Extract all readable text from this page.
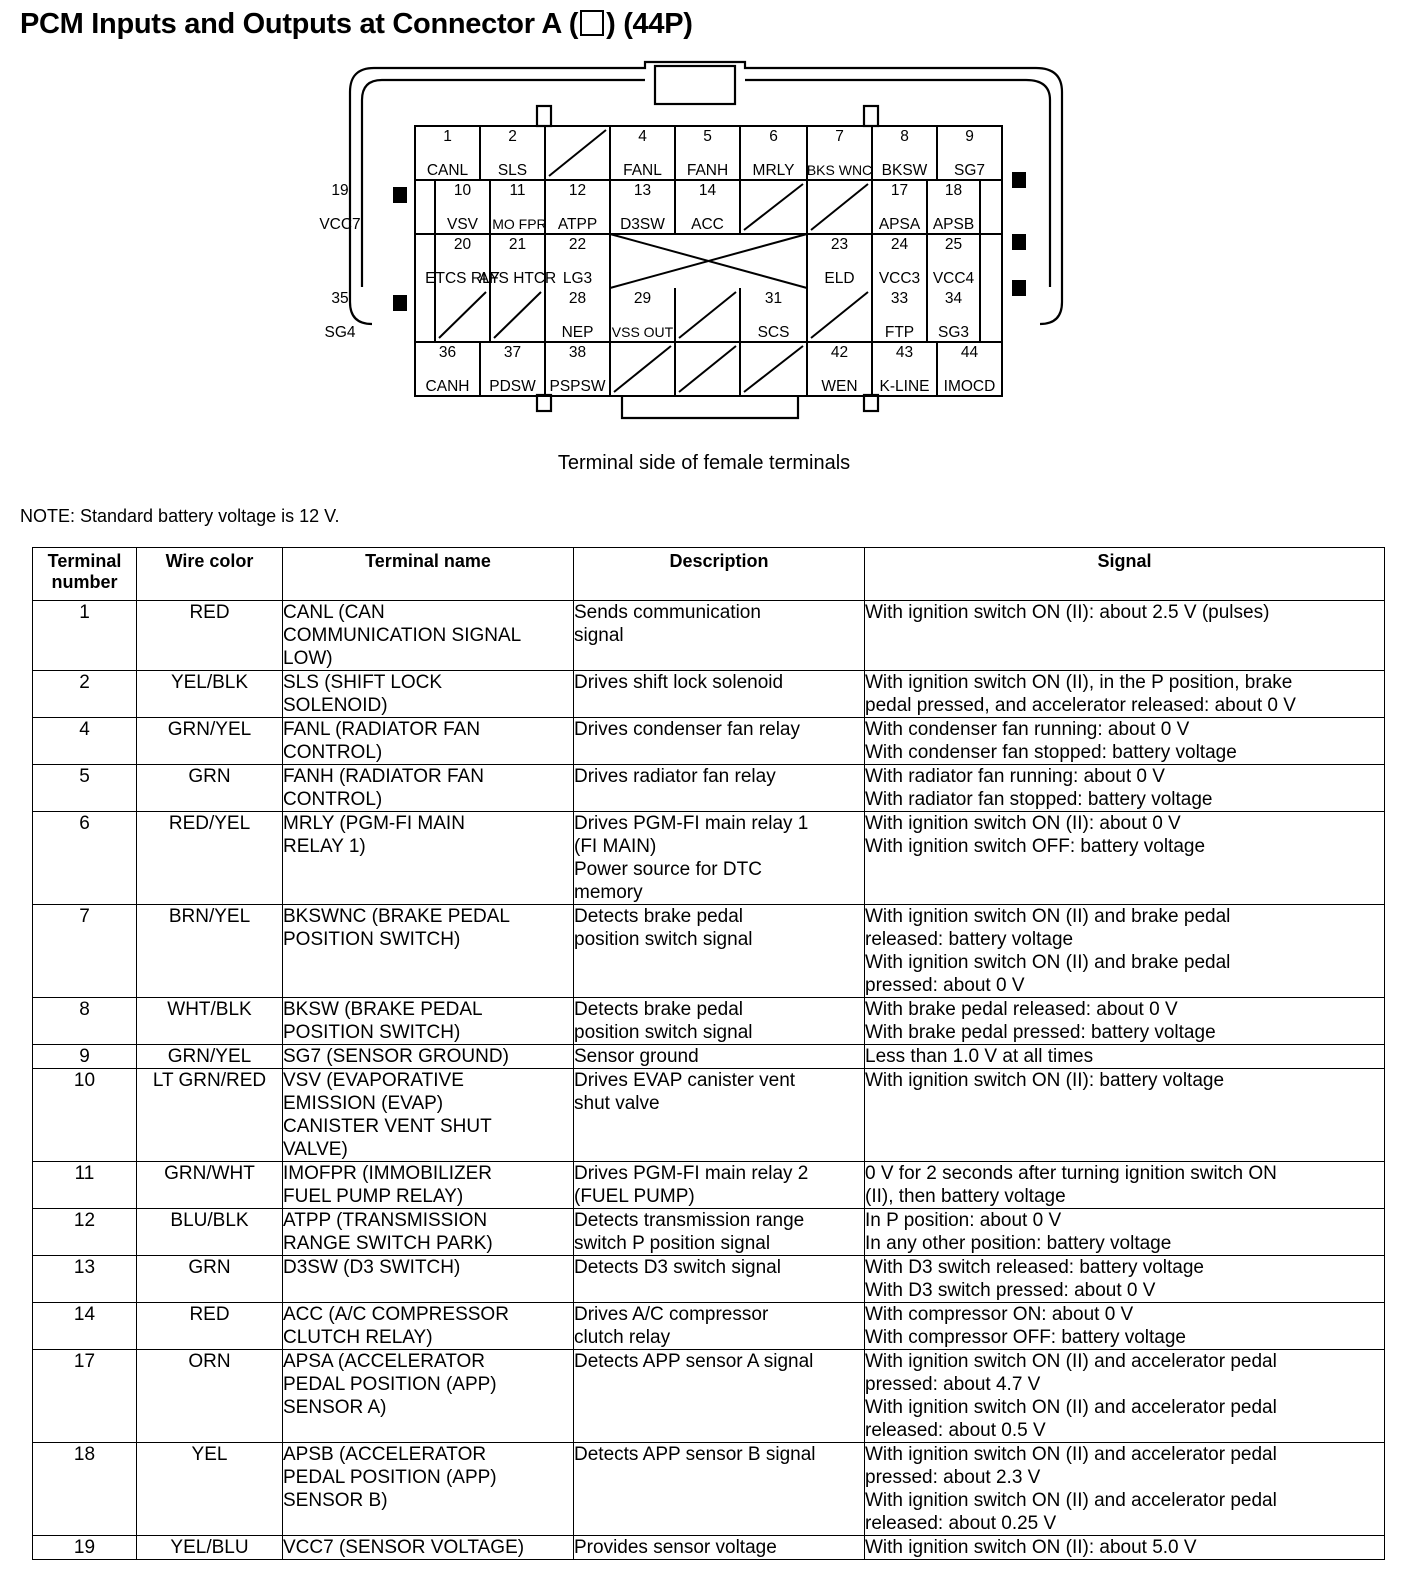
PCM Inputs and Outputs at Connector A ( ) (44P)
1
CANL
2
SLS
4
FANL
5
FANH
6
MRLY
7
BKS WNC
8
BKSW
9
SG7
10
VSV
11
IMO FPR
12
ATPP
13
D3SW
14
ACC
17
APSA
18
APSB
19
VCC7
28
NEP
29
VSS OUT
31
SCS
33
FTP
34
SG3
35
SG4
36
CANH
37
PDSW
38
PSPSW
42
WEN
43
K-LINE
44
IMOCD
20
ETCS RLY
21
AFS HTCR
22
LG3
23
ELD
24
VCC3
25
VCC4
Terminal side of female terminals
NOTE: Standard battery voltage is 12 V.
Terminal
number	Wire color	Terminal name	Description	Signal
1	RED	CANL (CAN
COMMUNICATION SIGNAL
LOW)	Sends communication
signal	With ignition switch ON (II): about 2.5 V (pulses)

2	YEL/BLK	SLS (SHIFT LOCK
SOLENOID)	Drives shift lock solenoid	With ignition switch ON (II), in the P position, brake
pedal pressed, and accelerator released: about 0 V

4	GRN/YEL	FANL (RADIATOR FAN
CONTROL)	Drives condenser fan relay	With condenser fan running: about 0 V
With condenser fan stopped: battery voltage

5	GRN	FANH (RADIATOR FAN
CONTROL)	Drives radiator fan relay	With radiator fan running: about 0 V
With radiator fan stopped: battery voltage

6	RED/YEL	MRLY (PGM-FI MAIN
RELAY 1)	Drives PGM-FI main relay 1
(FI MAIN)
Power source for DTC
memory	With ignition switch ON (II): about 0 V
With ignition switch OFF: battery voltage

7	BRN/YEL	BKSWNC (BRAKE PEDAL
POSITION SWITCH)	Detects brake pedal
position switch signal	With ignition switch ON (II) and brake pedal
released: battery voltage
With ignition switch ON (II) and brake pedal
pressed: about 0 V

8	WHT/BLK	BKSW (BRAKE PEDAL
POSITION SWITCH)	Detects brake pedal
position switch signal	With brake pedal released: about 0 V
With brake pedal pressed: battery voltage

9	GRN/YEL	SG7 (SENSOR GROUND)	Sensor ground	Less than 1.0 V at all times

10	LT GRN/RED	VSV (EVAPORATIVE
EMISSION (EVAP)
CANISTER VENT SHUT
VALVE)	Drives EVAP canister vent
shut valve	With ignition switch ON (II): battery voltage

11	GRN/WHT	IMOFPR (IMMOBILIZER
FUEL PUMP RELAY)	Drives PGM-FI main relay 2
(FUEL PUMP)	0 V for 2 seconds after turning ignition switch ON
(II), then battery voltage

12	BLU/BLK	ATPP (TRANSMISSION
RANGE SWITCH PARK)	Detects transmission range
switch P position signal	In P position: about 0 V
In any other position: battery voltage

13	GRN	D3SW (D3 SWITCH)	Detects D3 switch signal	With D3 switch released: battery voltage
With D3 switch pressed: about 0 V

14	RED	ACC (A/C COMPRESSOR
CLUTCH RELAY)	Drives A/C compressor
clutch relay	With compressor ON: about 0 V
With compressor OFF: battery voltage

17	ORN	APSA (ACCELERATOR
PEDAL POSITION (APP)
SENSOR A)	Detects APP sensor A signal	With ignition switch ON (II) and accelerator pedal
pressed: about 4.7 V
With ignition switch ON (II) and accelerator pedal
released: about 0.5 V

18	YEL	APSB (ACCELERATOR
PEDAL POSITION (APP)
SENSOR B)	Detects APP sensor B signal	With ignition switch ON (II) and accelerator pedal
pressed: about 2.3 V
With ignition switch ON (II) and accelerator pedal
released: about 0.25 V

19	YEL/BLU	VCC7 (SENSOR VOLTAGE)	Provides sensor voltage	With ignition switch ON (II): about 5.0 V
